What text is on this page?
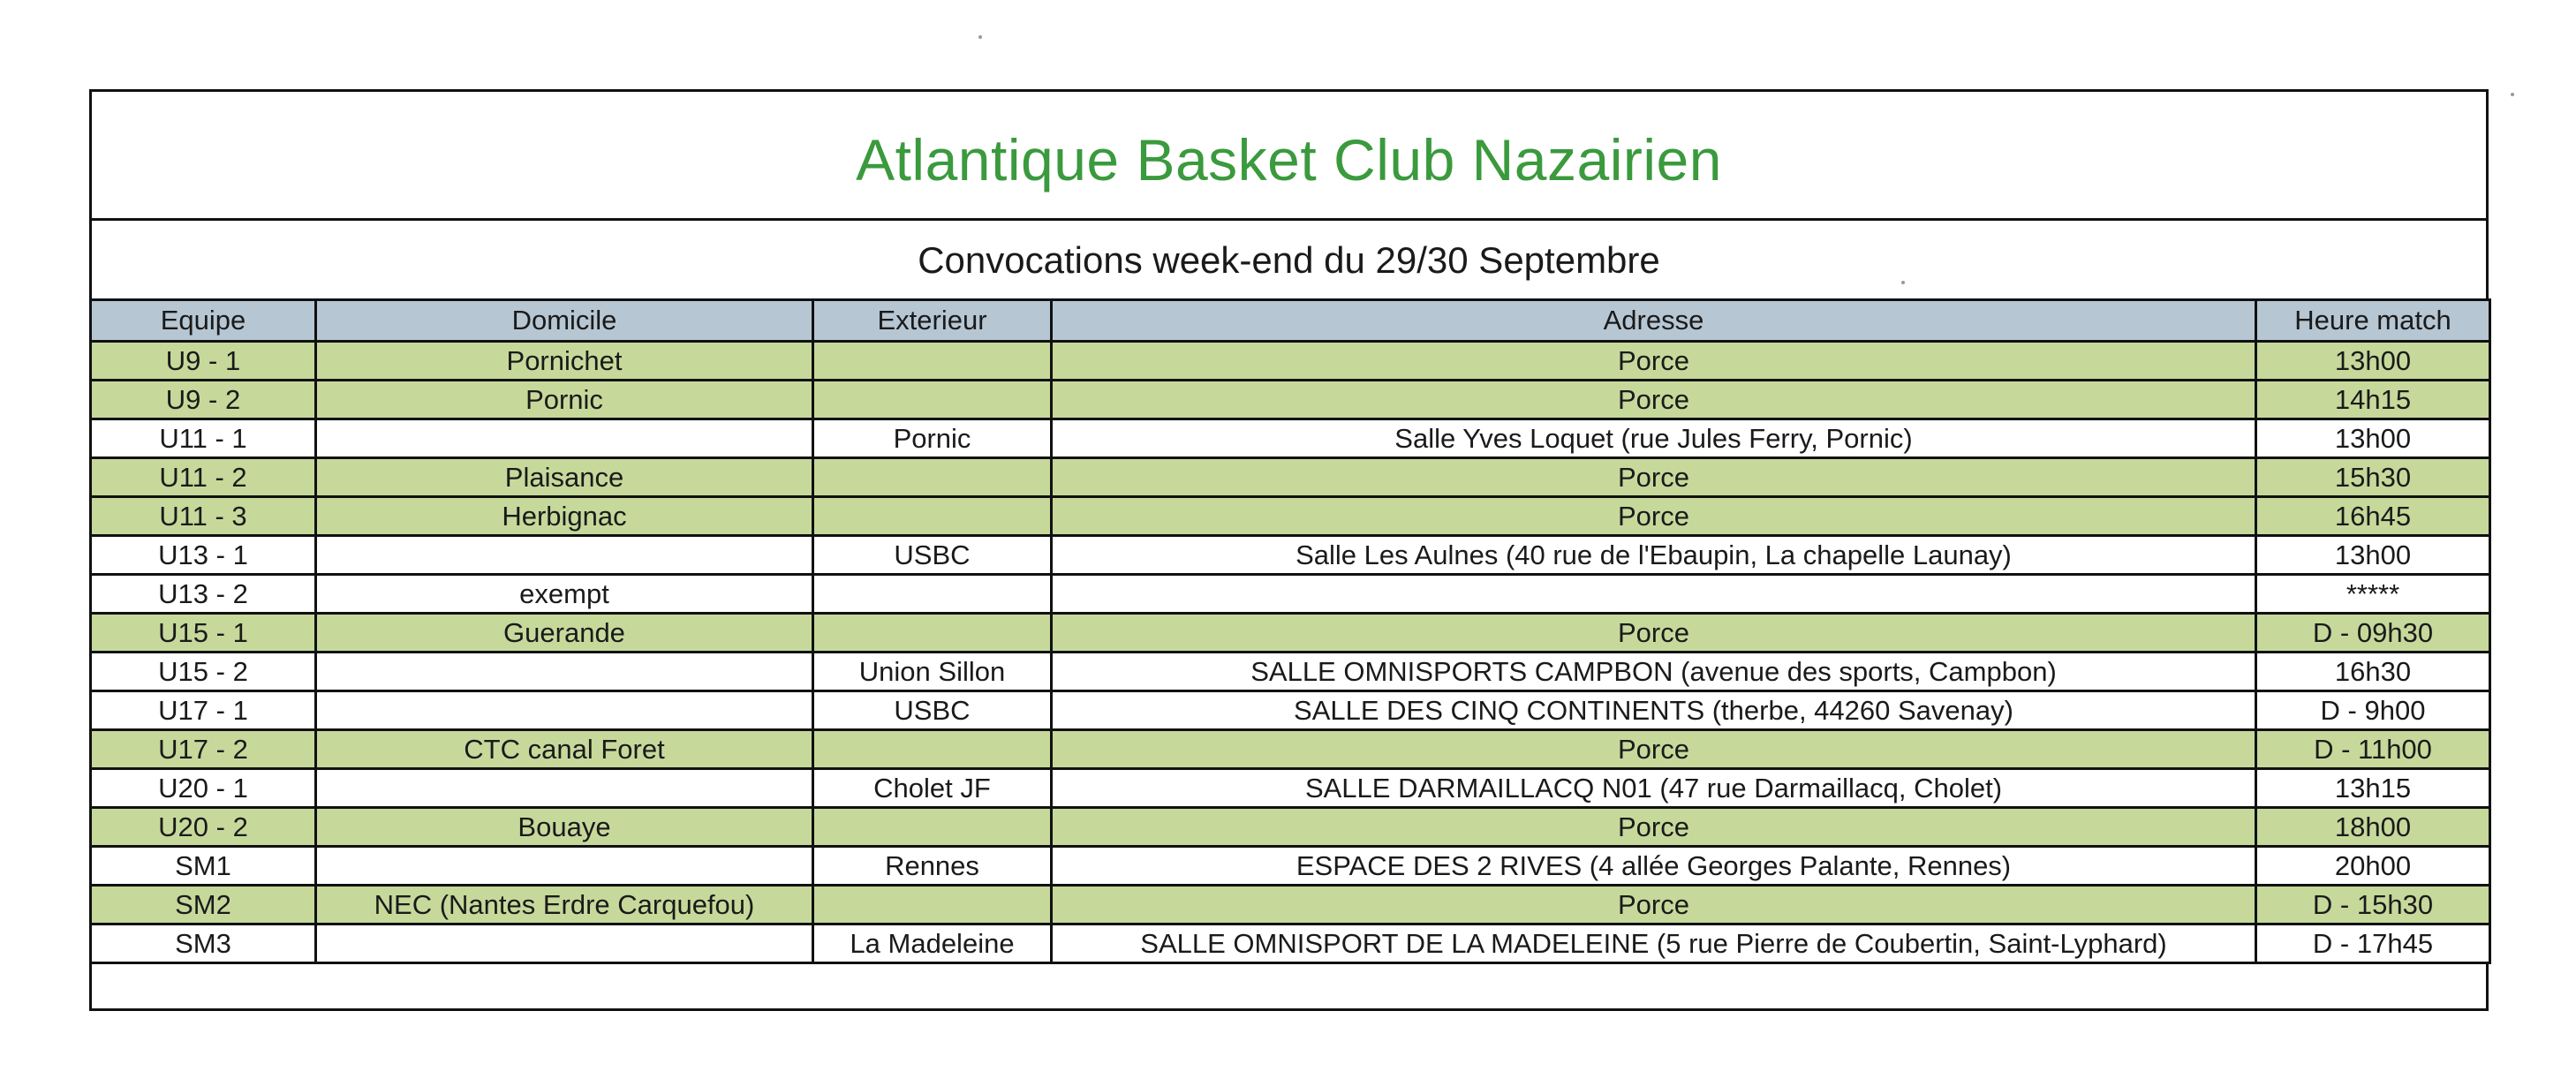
Atlantique Basket Club Nazairien
Convocations week-end du 29/30 Septembre
Equipe	Domicile	Exterieur	Adresse	Heure match
U9 - 1	Pornichet		Porce	13h00
U9 - 2	Pornic		Porce	14h15
U11 - 1		Pornic	Salle Yves Loquet (rue Jules Ferry, Pornic)	13h00
U11 - 2	Plaisance		Porce	15h30
U11 - 3	Herbignac		Porce	16h45
U13 - 1		USBC	Salle Les Aulnes (40 rue de l'Ebaupin, La chapelle Launay)	13h00
U13 - 2	exempt			*****
U15 - 1	Guerande		Porce	D - 09h30
U15 - 2		Union Sillon	SALLE OMNISPORTS CAMPBON (avenue des sports, Campbon)	16h30
U17 - 1		USBC	SALLE DES CINQ CONTINENTS (therbe, 44260 Savenay)	D - 9h00
U17 - 2	CTC canal Foret		Porce	D - 11h00
U20 - 1		Cholet JF	SALLE DARMAILLACQ N01 (47 rue Darmaillacq, Cholet)	13h15
U20 - 2	Bouaye		Porce	18h00
SM1		Rennes	ESPACE DES 2 RIVES (4 allée Georges Palante, Rennes)	20h00
SM2	NEC (Nantes Erdre Carquefou)		Porce	D - 15h30
SM3		La Madeleine	SALLE OMNISPORT DE LA MADELEINE (5 rue Pierre de Coubertin, Saint-Lyphard)	D - 17h45
